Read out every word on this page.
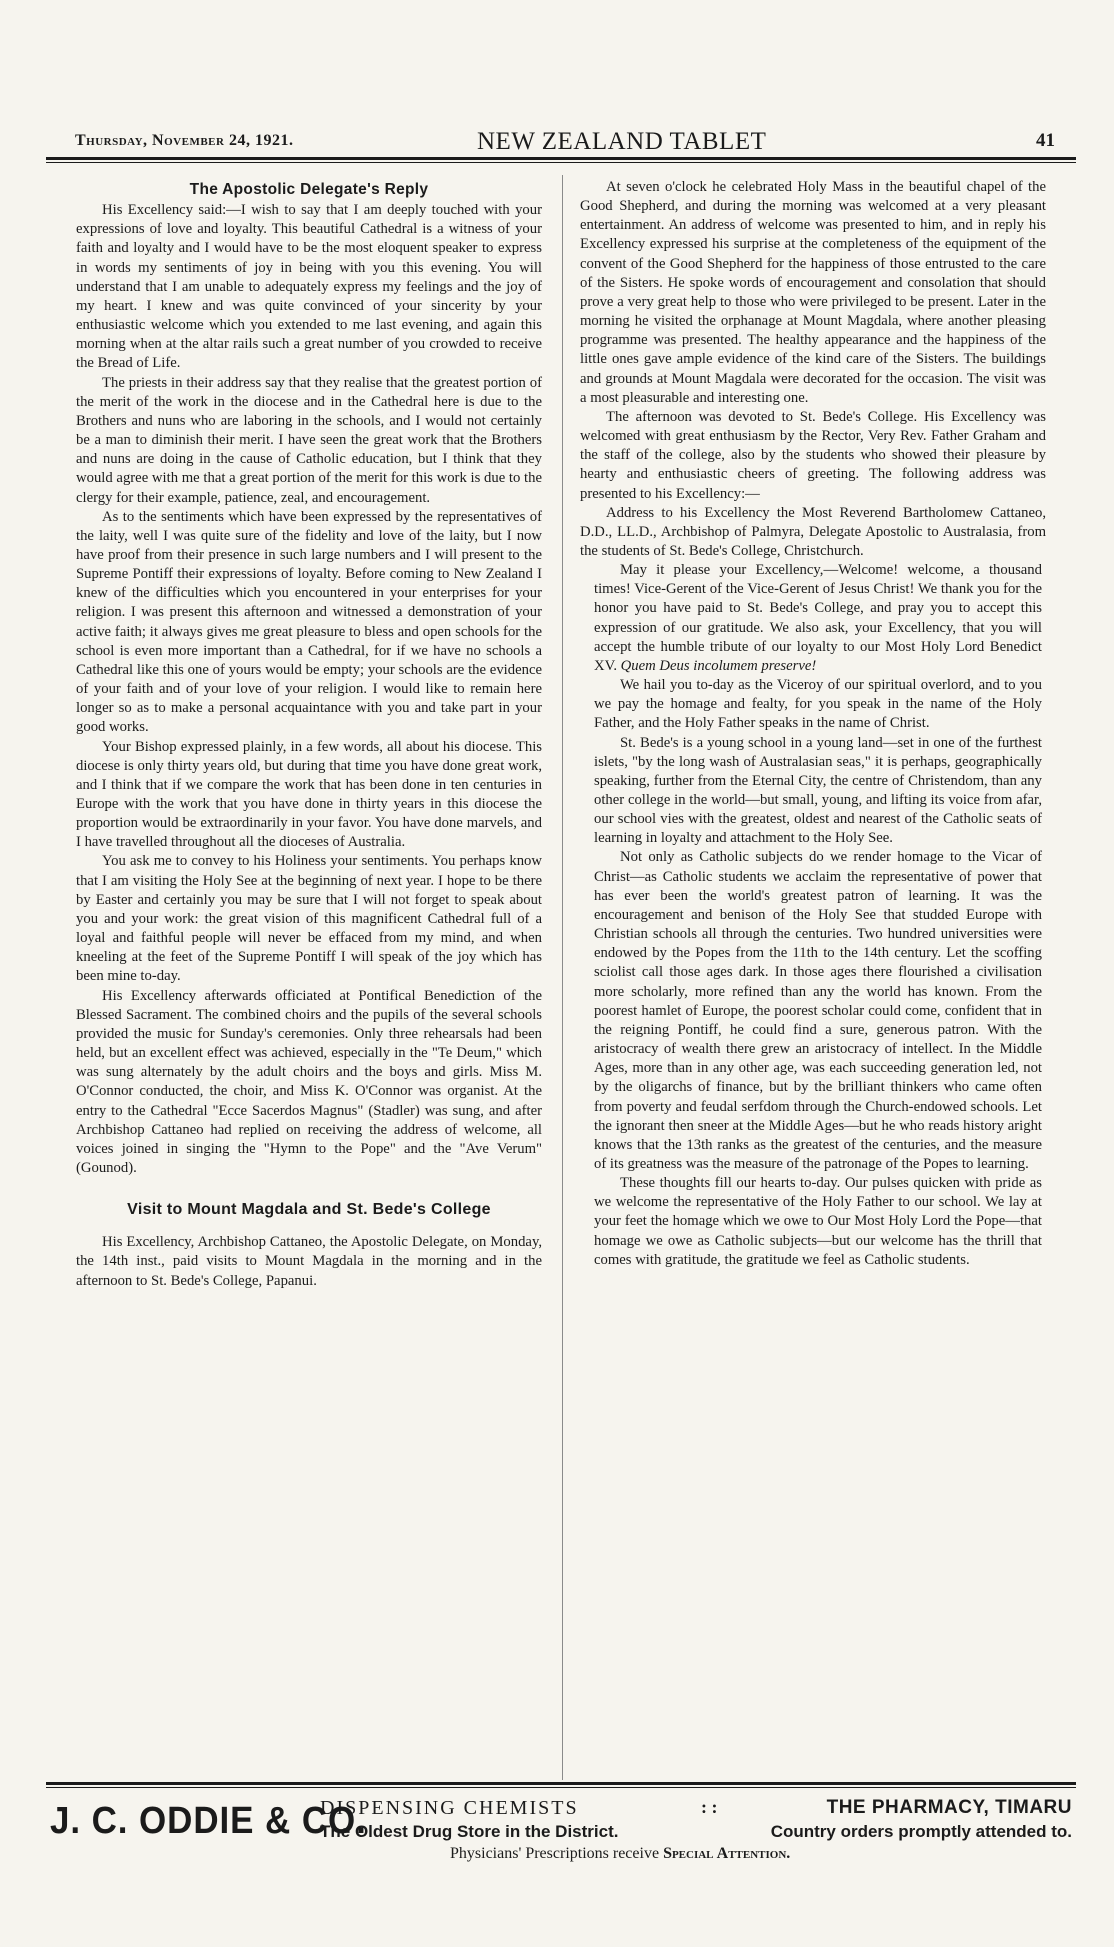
Thursday, November 24, 1921.	NEW ZEALAND TABLET	41
The Apostolic Delegate's Reply

His Excellency said:—I wish to say that I am deeply touched with your expressions of love and loyalty. This beautiful Cathedral is a witness of your faith and loyalty and I would have to be the most eloquent speaker to express in words my sentiments of joy in being with you this evening. You will understand that I am unable to adequately express my feelings and the joy of my heart. I knew and was quite convinced of your sincerity by your enthusiastic welcome which you extended to me last evening, and again this morning when at the altar rails such a great number of you crowded to receive the Bread of Life.

The priests in their address say that they realise that the greatest portion of the merit of the work in the diocese and in the Cathedral here is due to the Brothers and nuns who are laboring in the schools, and I would not certainly be a man to diminish their merit. I have seen the great work that the Brothers and nuns are doing in the cause of Catholic education, but I think that they would agree with me that a great portion of the merit for this work is due to the clergy for their example, patience, zeal, and encouragement.

As to the sentiments which have been expressed by the representatives of the laity, well I was quite sure of the fidelity and love of the laity, but I now have proof from their presence in such large numbers and I will present to the Supreme Pontiff their expressions of loyalty. Before coming to New Zealand I knew of the difficulties which you encountered in your enterprises for your religion. I was present this afternoon and witnessed a demonstration of your active faith; it always gives me great pleasure to bless and open schools for the school is even more important than a Cathedral, for if we have no schools a Cathedral like this one of yours would be empty; your schools are the evidence of your faith and of your love of your religion. I would like to remain here longer so as to make a personal acquaintance with you and take part in your good works.

Your Bishop expressed plainly, in a few words, all about his diocese. This diocese is only thirty years old, but during that time you have done great work, and I think that if we compare the work that has been done in ten centuries in Europe with the work that you have done in thirty years in this diocese the proportion would be extraordinarily in your favor. You have done marvels, and I have travelled throughout all the dioceses of Australia.

You ask me to convey to his Holiness your sentiments. You perhaps know that I am visiting the Holy See at the beginning of next year. I hope to be there by Easter and certainly you may be sure that I will not forget to speak about you and your work: the great vision of this magnificent Cathedral full of a loyal and faithful people will never be effaced from my mind, and when kneeling at the feet of the Supreme Pontiff I will speak of the joy which has been mine to-day.

His Excellency afterwards officiated at Pontifical Benediction of the Blessed Sacrament. The combined choirs and the pupils of the several schools provided the music for Sunday's ceremonies. Only three rehearsals had been held, but an excellent effect was achieved, especially in the "Te Deum," which was sung alternately by the adult choirs and the boys and girls. Miss M. O'Connor conducted, the choir, and Miss K. O'Connor was organist. At the entry to the Cathedral "Ecce Sacerdos Magnus" (Stadler) was sung, and after Archbishop Cattaneo had replied on receiving the address of welcome, all voices joined in singing the "Hymn to the Pope" and the "Ave Verum" (Gounod).

Visit to Mount Magdala and St. Bede's College

His Excellency, Archbishop Cattaneo, the Apostolic Delegate, on Monday, the 14th inst., paid visits to Mount Magdala in the morning and in the afternoon to St. Bede's College, Papanui.

At seven o'clock he celebrated Holy Mass in the beautiful chapel of the Good Shepherd, and during the morning was welcomed at a very pleasant entertainment. An address of welcome was presented to him, and in reply his Excellency expressed his surprise at the completeness of the equipment of the convent of the Good Shepherd for the happiness of those entrusted to the care of the Sisters. He spoke words of encouragement and consolation that should prove a very great help to those who were privileged to be present. Later in the morning he visited the orphanage at Mount Magdala, where another pleasing programme was presented. The healthy appearance and the happiness of the little ones gave ample evidence of the kind care of the Sisters. The buildings and grounds at Mount Magdala were decorated for the occasion. The visit was a most pleasurable and interesting one.

The afternoon was devoted to St. Bede's College. His Excellency was welcomed with great enthusiasm by the Rector, Very Rev. Father Graham and the staff of the college, also by the students who showed their pleasure by hearty and enthusiastic cheers of greeting. The following address was presented to his Excellency:—

Address to his Excellency the Most Reverend Bartholomew Cattaneo, D.D., LL.D., Archbishop of Palmyra, Delegate Apostolic to Australasia, from the students of St. Bede's College, Christchurch.

May it please your Excellency,—Welcome! welcome, a thousand times! Vice-Gerent of the Vice-Gerent of Jesus Christ! We thank you for the honor you have paid to St. Bede's College, and pray you to accept this expression of our gratitude. We also ask, your Excellency, that you will accept the humble tribute of our loyalty to our Most Holy Lord Benedict XV. Quem Deus incolumem preserve!

We hail you to-day as the Viceroy of our spiritual overlord, and to you we pay the homage and fealty, for you speak in the name of the Holy Father, and the Holy Father speaks in the name of Christ.

St. Bede's is a young school in a young land—set in one of the furthest islets, "by the long wash of Australasian seas," it is perhaps, geographically speaking, further from the Eternal City, the centre of Christendom, than any other college in the world—but small, young, and lifting its voice from afar, our school vies with the greatest, oldest and nearest of the Catholic seats of learning in loyalty and attachment to the Holy See.

Not only as Catholic subjects do we render homage to the Vicar of Christ—as Catholic students we acclaim the representative of power that has ever been the world's greatest patron of learning. It was the encouragement and benison of the Holy See that studded Europe with Christian schools all through the centuries. Two hundred universities were endowed by the Popes from the 11th to the 14th century. Let the scoffing sciolist call those ages dark. In those ages there flourished a civilisation more scholarly, more refined than any the world has known. From the poorest hamlet of Europe, the poorest scholar could come, confident that in the reigning Pontiff, he could find a sure, generous patron. With the aristocracy of wealth there grew an aristocracy of intellect. In the Middle Ages, more than in any other age, was each succeeding generation led, not by the oligarchs of finance, but by the brilliant thinkers who came often from poverty and feudal serfdom through the Church-endowed schools. Let the ignorant then sneer at the Middle Ages—but he who reads history aright knows that the 13th ranks as the greatest of the centuries, and the measure of its greatness was the measure of the patronage of the Popes to learning.

These thoughts fill our hearts to-day. Our pulses quicken with pride as we welcome the representative of the Holy Father to our school. We lay at your feet the homage which we owe to Our Most Holy Lord the Pope—that homage we owe as Catholic subjects—but our welcome has the thrill that comes with gratitude, the gratitude we feel as Catholic students.

J. C. ODDIE & CO.
DISPENSING CHEMISTS	: :	THE PHARMACY, TIMARU
The Oldest Drug Store in the District.	Country orders promptly attended to.
Physicians' Prescriptions receive Special Attention.
